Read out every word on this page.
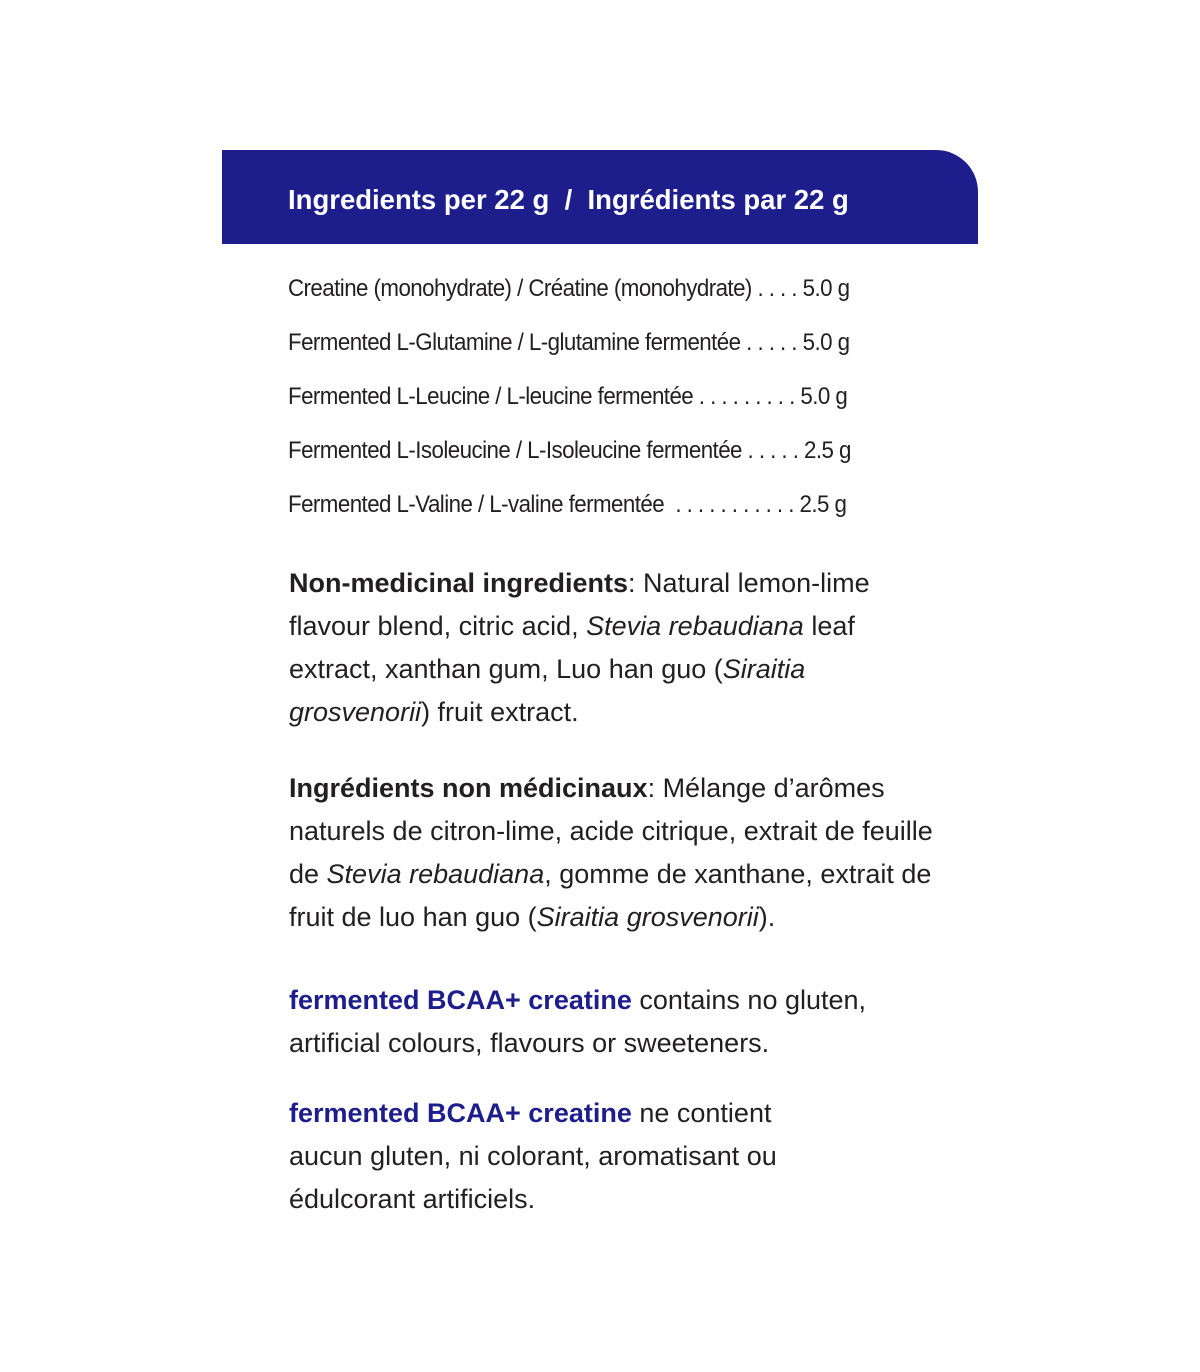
Ingredients per 22 g  /  Ingrédients par 22 g
Creatine (monohydrate) / Créatine (monohydrate) . . . . 5.0 g
Fermented L-Glutamine / L-glutamine fermentée . . . . . 5.0 g
Fermented L-Leucine / L-leucine fermentée . . . . . . . . . 5.0 g
Fermented L-Isoleucine / L-Isoleucine fermentée . . . . . 2.5 g
Fermented L-Valine / L-valine fermentée . . . . . . . . . . . 2.5 g
Non-medicinal ingredients: Natural lemon-lime flavour blend, citric acid, Stevia rebaudiana leaf extract, xanthan gum, Luo han guo (Siraitia grosvenorii) fruit extract.
Ingrédients non médicinaux: Mélange d’arômes naturels de citron-lime, acide citrique, extrait de feuille de Stevia rebaudiana, gomme de xanthane, extrait de fruit de luo han guo (Siraitia grosvenorii).
fermented BCAA+ creatine contains no gluten, artificial colours, flavours or sweeteners.
fermented BCAA+ creatine ne contient aucun gluten, ni colorant, aromatisant ou édulcorant artificiels.
